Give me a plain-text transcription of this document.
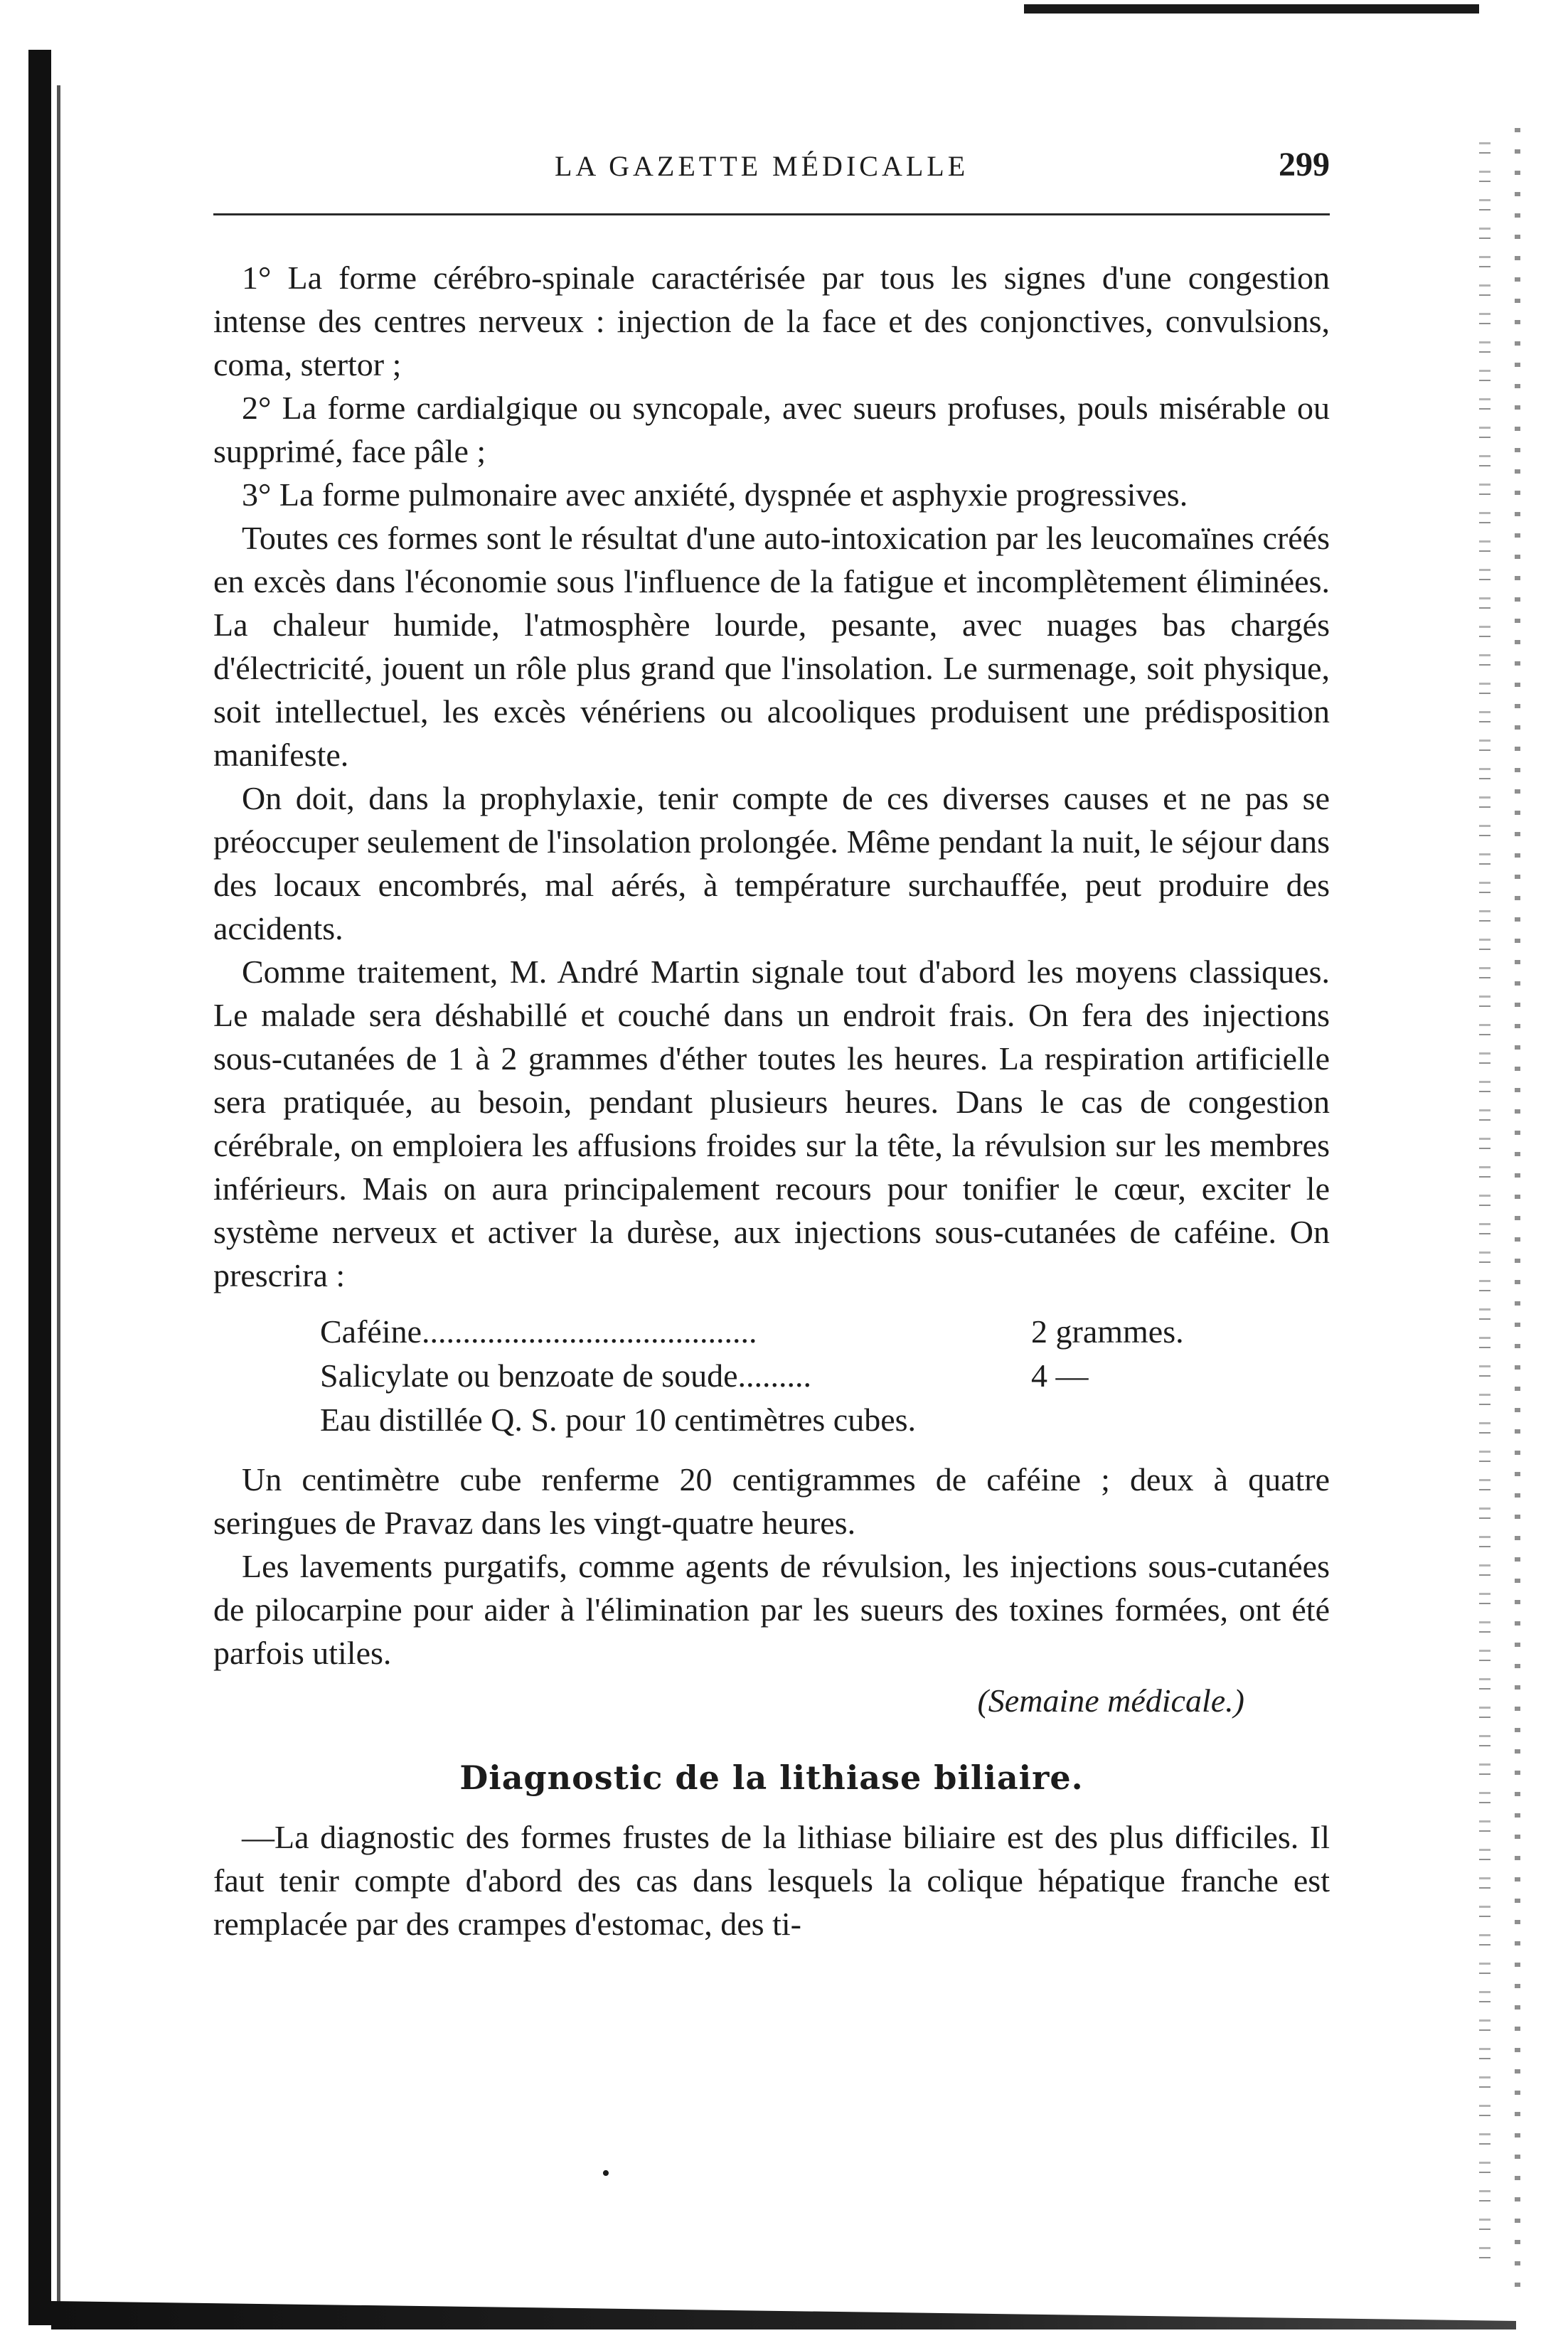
LA GAZETTE MÉDICALLE	299

1° La forme cérébro-spinale caractérisée par tous les signes d'une congestion intense des centres nerveux : injection de la face et des conjonctives, convulsions, coma, stertor ;

2° La forme cardialgique ou syncopale, avec sueurs profuses, pouls misérable ou supprimé, face pâle ;

3° La forme pulmonaire avec anxiété, dyspnée et asphyxie progressives.

Toutes ces formes sont le résultat d'une auto-intoxication par les leucomaïnes créés en excès dans l'économie sous l'influence de la fatigue et incomplètement éliminées. La chaleur humide, l'atmosphère lourde, pesante, avec nuages bas chargés d'électricité, jouent un rôle plus grand que l'insolation. Le surmenage, soit physique, soit intellectuel, les excès vénériens ou alcooliques produisent une prédisposition manifeste.

On doit, dans la prophylaxie, tenir compte de ces diverses causes et ne pas se préoccuper seulement de l'insolation prolongée. Même pendant la nuit, le séjour dans des locaux encombrés, mal aérés, à température surchauffée, peut produire des accidents.

Comme traitement, M. André Martin signale tout d'abord les moyens classiques. Le malade sera déshabillé et couché dans un endroit frais. On fera des injections sous-cutanées de 1 à 2 grammes d'éther toutes les heures. La respiration artificielle sera pratiquée, au besoin, pendant plusieurs heures. Dans le cas de congestion cérébrale, on emploiera les affusions froides sur la tête, la révulsion sur les membres inférieurs. Mais on aura principalement recours pour tonifier le cœur, exciter le système nerveux et activer la durèse, aux injections sous-cutanées de caféine. On prescrira :

Caféine.........................................	2 grammes.
Salicylate ou benzoate de soude.........	4 —
Eau distillée Q. S. pour 10 centimètres cubes.

Un centimètre cube renferme 20 centigrammes de caféine ; deux à quatre seringues de Pravaz dans les vingt-quatre heures.

Les lavements purgatifs, comme agents de révulsion, les injections sous-cutanées de pilocarpine pour aider à l'élimination par les sueurs des toxines formées, ont été parfois utiles.

(Semaine médicale.)

Diagnostic de la lithiase biliaire.

—La diagnostic des formes frustes de la lithiase biliaire est des plus difficiles. Il faut tenir compte d'abord des cas dans lesquels la colique hépatique franche est remplacée par des crampes d'estomac, des ti-

•
